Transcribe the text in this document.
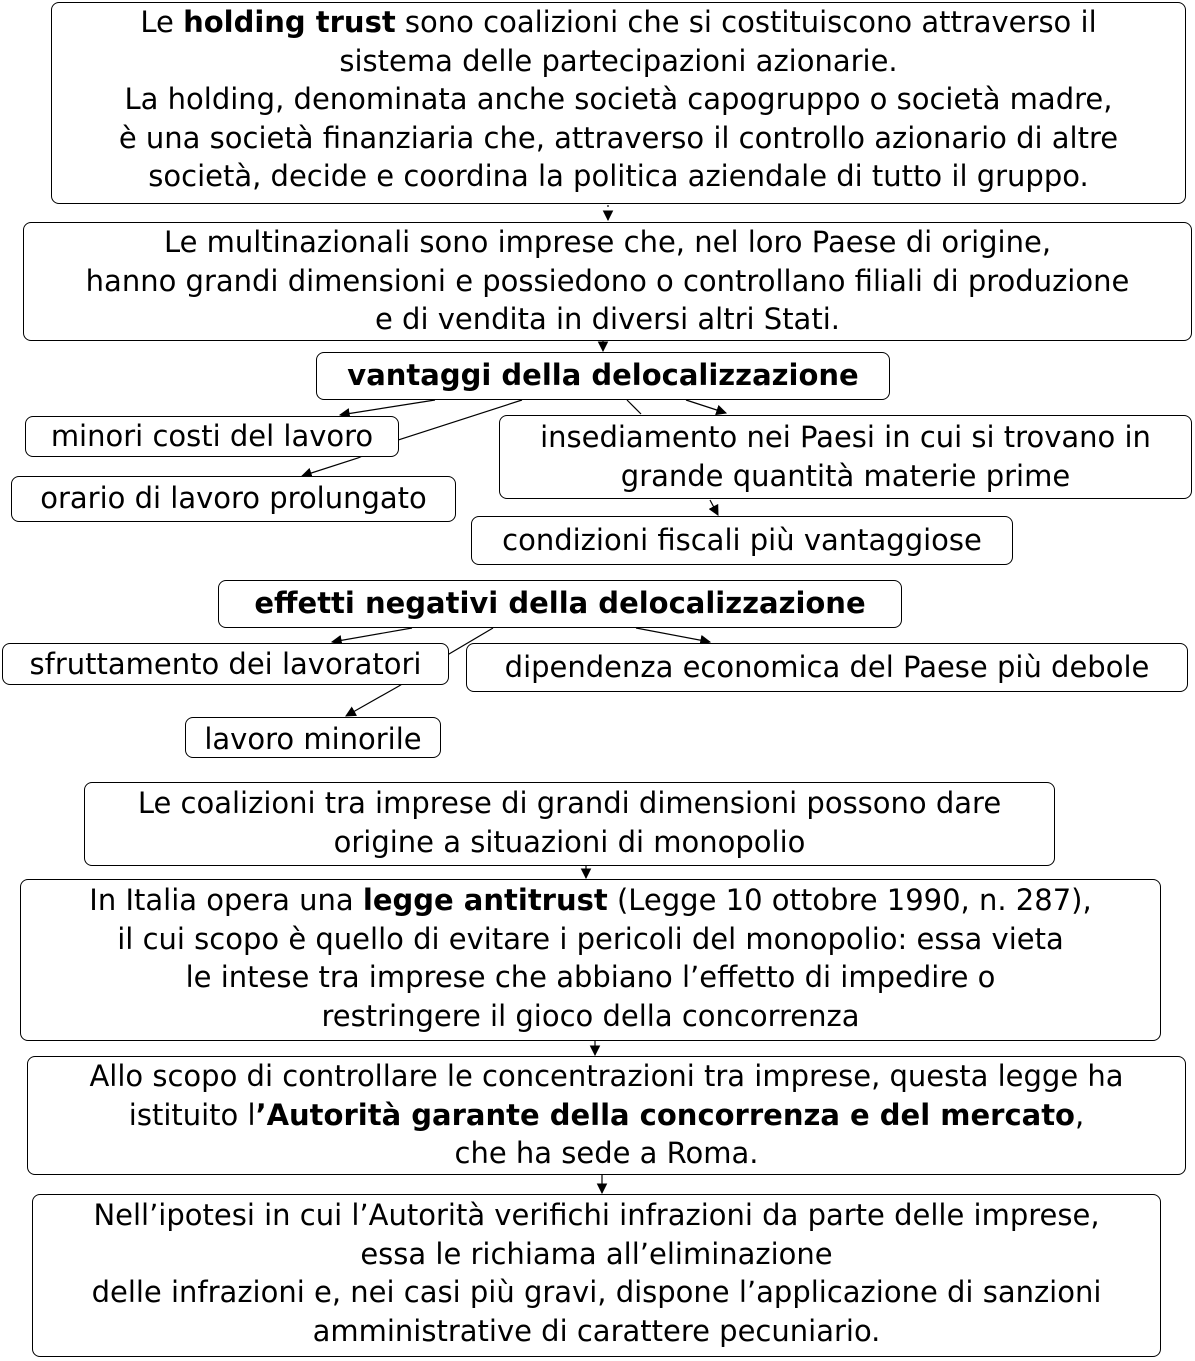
Le holding trust sono coalizioni che si costituiscono attraverso il
sistema delle partecipazioni azionarie.
La holding, denominata anche società capogruppo o società madre,
è una società finanziaria che, attraverso il controllo azionario di altre
società, decide e coordina la politica aziendale di tutto il gruppo.
Le multinazionali sono imprese che, nel loro Paese di origine,
hanno grandi dimensioni e possiedono o controllano filiali di produzione
e di vendita in diversi altri Stati.
vantaggi della delocalizzazione
minori costi del lavoro
orario di lavoro prolungato
insediamento nei Paesi in cui si trovano in
grande quantità materie prime
condizioni fiscali più vantaggiose
effetti negativi della delocalizzazione
sfruttamento dei lavoratori	dipendenza economica del Paese più debole
lavoro minorile
Le coalizioni tra imprese di grandi dimensioni possono dare
origine a situazioni di monopolio
In Italia opera una legge antitrust (Legge 10 ottobre 1990, n. 287),
il cui scopo è quello di evitare i pericoli del monopolio: essa vieta
le intese tra imprese che abbiano l’effetto di impedire o
restringere il gioco della concorrenza
Allo scopo di controllare le concentrazioni tra imprese, questa legge ha
istituito l’Autorità garante della concorrenza e del mercato,
che ha sede a Roma.
Nell’ipotesi in cui l’Autorità verifichi infrazioni da parte delle imprese,
essa le richiama all’eliminazione
delle infrazioni e, nei casi più gravi, dispone l’applicazione di sanzioni
amministrative di carattere pecuniario.
